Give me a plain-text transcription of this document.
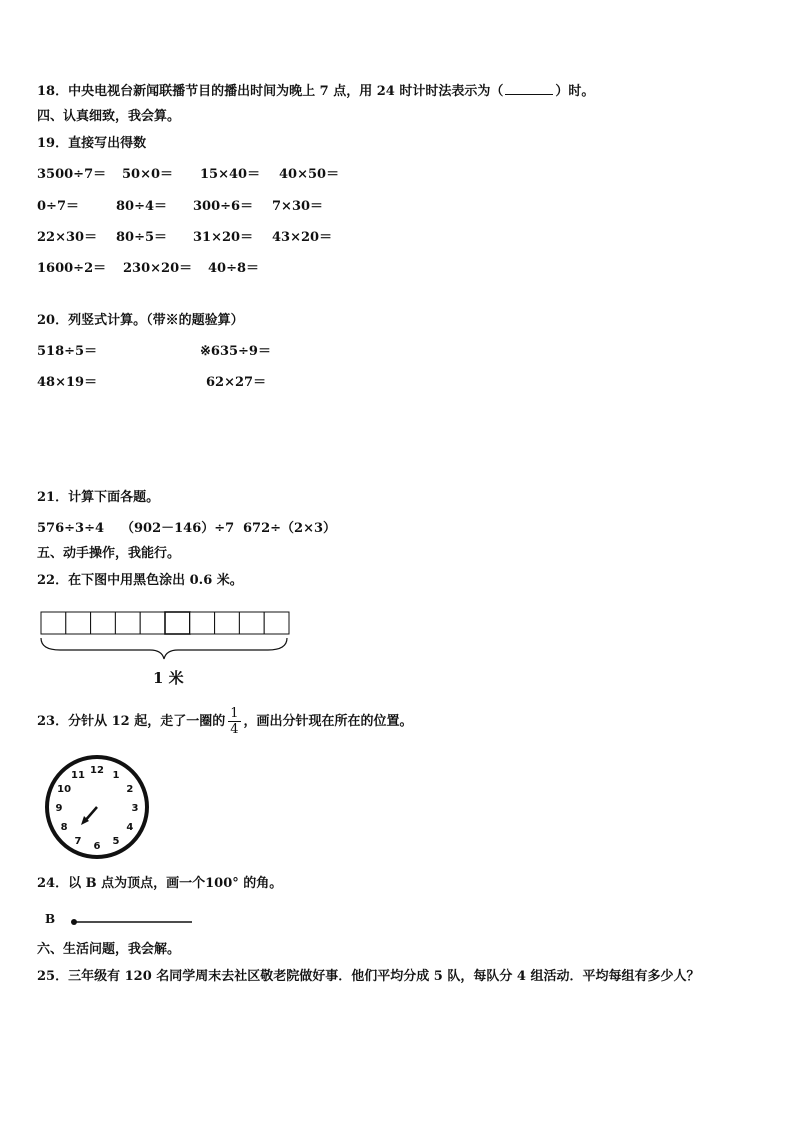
18．中央电视台新闻联播节目的播出时间为晚上 7 点，用 24 时计时法表示为（	）时。
四、认真细致，我会算。
19．直接写出得数
3500÷7＝ 50×0＝ 15×40＝ 40×50＝
0÷7＝	80÷4＝ 300÷6＝ 7×30＝
22×30＝ 80÷5＝ 31×20＝ 43×20＝
1600÷2＝ 230×20＝ 40÷8＝
20．列竖式计算。（带※的题验算）
518÷5＝	※635÷9＝
48×19＝	62×27＝
21．计算下面各题。
576÷3÷4 （902－146）÷7 672÷（2×3）
五、动手操作，我能行。
22．在下图中用黑色涂出 0.6 米。
1 米
23．分针从 12 起，走了一圈的 $\frac{1}{4}$ ，画出分针现在所在的位置。
12 1
2
3
4
5
6
7
8
9
10
11
24．以 B 点为顶点，画一个100° 的角。
B
六、生活问题，我会解。
25．三年级有 120 名同学周末去社区敬老院做好事．他们平均分成 5 队，每队分 4 组活动．平均每组有多少人？
